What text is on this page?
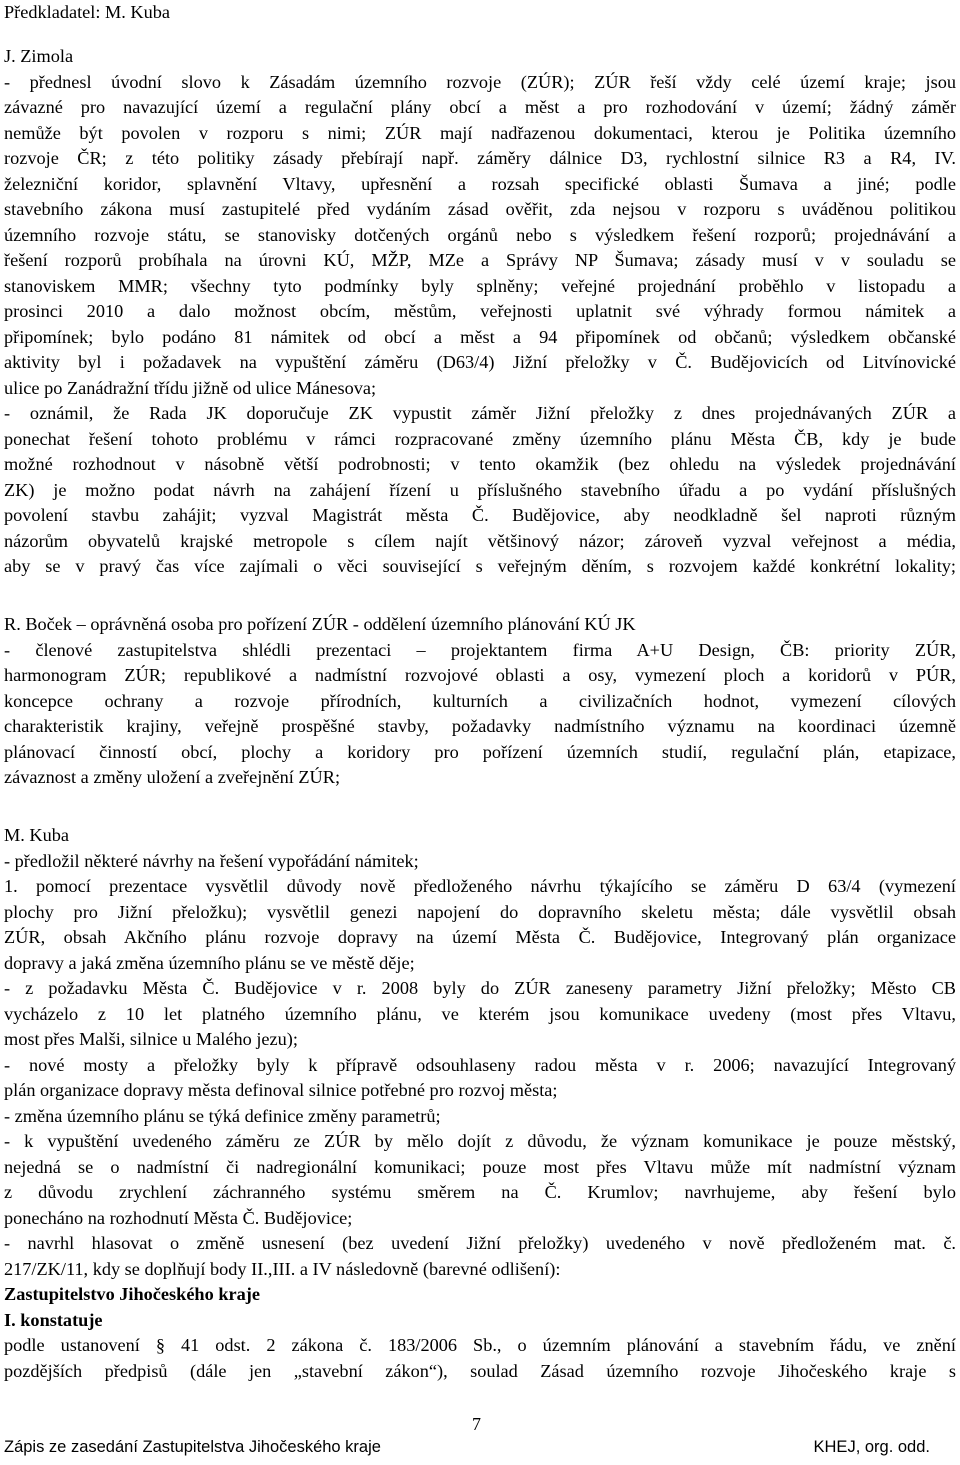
Předkladatel: M. Kuba
J. Zimola
- přednesl úvodní slovo k Zásadám územního rozvoje (ZÚR); ZÚR řeší vždy celé území kraje; jsou
závazné pro navazující území a regulační plány obcí a měst a pro rozhodování v území; žádný záměr
nemůže být povolen v rozporu s nimi; ZÚR mají nadřazenou dokumentaci, kterou je Politika územního
rozvoje ČR; z této politiky zásady přebírají např. záměry dálnice D3, rychlostní silnice R3 a R4, IV.
železniční koridor, splavnění Vltavy, upřesnění a rozsah specifické oblasti Šumava a jiné; podle
stavebního zákona musí zastupitelé před vydáním zásad ověřit, zda nejsou v rozporu s uváděnou politikou
územního rozvoje státu, se stanovisky dotčených orgánů nebo s výsledkem řešení rozporů; projednávání a
řešení rozporů probíhala na úrovni KÚ, MŽP, MZe a Správy NP Šumava; zásady musí v v souladu se
stanoviskem MMR; všechny tyto podmínky byly splněny; veřejné projednání proběhlo v listopadu a
prosinci 2010 a dalo možnost obcím, městům, veřejnosti uplatnit své výhrady formou námitek a
připomínek; bylo podáno 81 námitek od obcí a měst a 94 připomínek od občanů; výsledkem občanské
aktivity byl i požadavek na vypuštění záměru (D63/4) Jižní přeložky v Č. Budějovicích od Litvínovické
ulice po Zanádražní třídu jižně od ulice Mánesova;
- oznámil, že Rada JK doporučuje ZK vypustit záměr Jižní přeložky z dnes projednávaných ZÚR a
ponechat řešení tohoto problému v rámci rozpracované změny územního plánu Města ČB, kdy je bude
možné rozhodnout v násobně větší podrobnosti; v tento okamžik (bez ohledu na výsledek projednávání
ZK) je možno podat návrh na zahájení řízení u příslušného stavebního úřadu a po vydání příslušných
povolení stavbu zahájit; vyzval Magistrát města Č. Budějovice, aby neodkladně šel naproti různým
názorům obyvatelů krajské metropole s cílem najít většinový názor; zároveň vyzval veřejnost a média,
aby se v pravý čas více zajímali o věci související s veřejným děním, s rozvojem každé konkrétní lokality;
R. Boček – oprávněná osoba pro pořízení ZÚR - oddělení územního plánování KÚ JK
- členové zastupitelstva shlédli prezentaci – projektantem firma A+U Design, ČB: priority ZÚR,
harmonogram ZÚR; republikové a nadmístní rozvojové oblasti a osy, vymezení ploch a koridorů v PÚR,
koncepce ochrany a rozvoje přírodních, kulturních a civilizačních hodnot, vymezení cílových
charakteristik krajiny, veřejně prospěšné stavby, požadavky nadmístního významu na koordinaci územně
plánovací činností obcí, plochy a koridory pro pořízení územních studií, regulační plán, etapizace,
závaznost a změny uložení a zveřejnění ZÚR;
M. Kuba
- předložil některé návrhy na řešení vypořádání námitek;
1. pomocí prezentace vysvětlil důvody nově předloženého návrhu týkajícího se záměru D 63/4 (vymezení
plochy pro Jižní přeložku); vysvětlil genezi napojení do dopravního skeletu města; dále vysvětlil obsah
ZÚR, obsah Akčního plánu rozvoje dopravy na území Města Č. Budějovice, Integrovaný plán organizace
dopravy a jaká změna územního plánu se ve městě děje;
- z požadavku Města Č. Budějovice v r. 2008 byly do ZÚR zaneseny parametry Jižní přeložky; Město CB
vycházelo z 10 let platného územního plánu, ve kterém jsou komunikace uvedeny (most přes Vltavu,
most přes Malši, silnice u Malého jezu);
- nové mosty a přeložky byly k přípravě odsouhlaseny radou města v r. 2006; navazující Integrovaný
plán organizace dopravy města definoval silnice potřebné pro rozvoj města;
- změna územního plánu se týká definice změny parametrů;
- k vypuštění uvedeného záměru ze ZÚR by mělo dojít z důvodu, že význam komunikace je pouze městský,
nejedná se o nadmístní či nadregionální komunikaci; pouze most přes Vltavu může mít nadmístní význam
z důvodu zrychlení záchranného systému směrem na Č. Krumlov; navrhujeme, aby řešení bylo
ponecháno na rozhodnutí Města Č. Budějovice;
- navrhl hlasovat o změně usnesení (bez uvedení Jižní přeložky) uvedeného v nově předloženém mat. č.
217/ZK/11, kdy se doplňují body II.,III. a IV následovně (barevné odlišení):
Zastupitelstvo Jihočeského kraje
I. konstatuje
podle ustanovení § 41 odst. 2 zákona č. 183/2006 Sb., o územním plánování a stavebním řádu, ve znění
pozdějších předpisů (dále jen „stavební zákon“), soulad Zásad územního rozvoje Jihočeského kraje s
7
Zápis ze zasedání Zastupitelstva Jihočeského kraje	KHEJ, org. odd.
